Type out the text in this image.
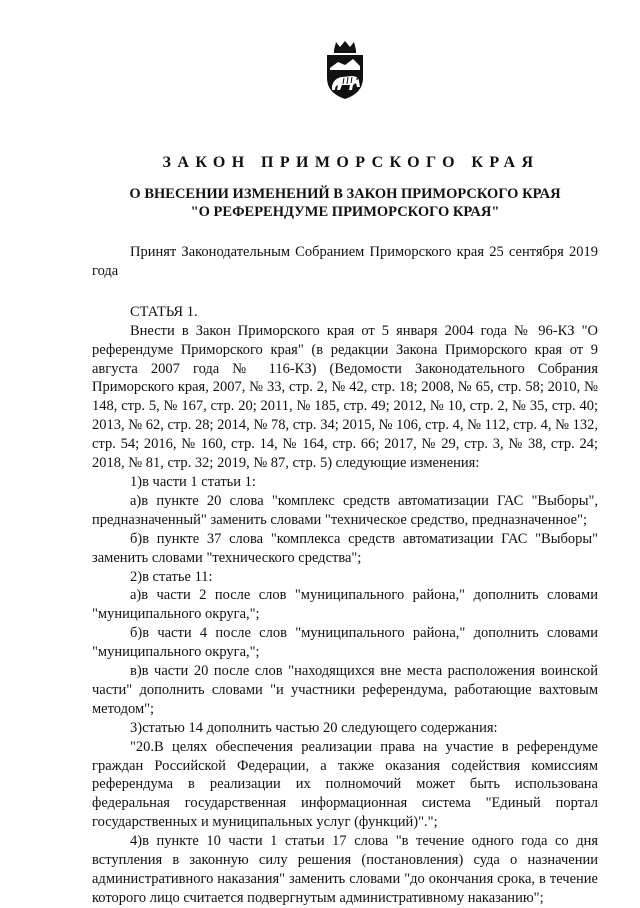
ЗАКОН ПРИМОРСКОГО КРАЯ
О ВНЕСЕНИИ ИЗМЕНЕНИЙ В ЗАКОН ПРИМОРСКОГО КРАЯ
"О РЕФЕРЕНДУМЕ ПРИМОРСКОГО КРАЯ"

Принят Законодательным Собранием Приморского края 25 сентября 2019 года

СТАТЬЯ 1.

Внести в Закон Приморского края от 5 января 2004 года № 96-КЗ "О референдуме Приморского края" (в редакции Закона Приморского края от 9 августа 2007 года № 116-КЗ) (Ведомости Законодательного Собрания Приморского края, 2007, № 33, стр. 2, № 42, стр. 18; 2008, № 65, стр. 58; 2010, № 148, стр. 5, № 167, стр. 20; 2011, № 185, стр. 49; 2012, № 10, стр. 2, № 35, стр. 40; 2013, № 62, стр. 28; 2014, № 78, стр. 34; 2015, № 106, стр. 4, № 112, стр. 4, № 132, стр. 54; 2016, № 160, стр. 14, № 164, стр. 66; 2017, № 29, стр. 3, № 38, стр. 24; 2018, № 81, стр. 32; 2019, № 87, стр. 5) следующие изменения:

1)в части 1 статьи 1:

а)в пункте 20 слова "комплекс средств автоматизации ГАС "Выборы", предназначенный" заменить словами "техническое средство, предназначенное";

б)в пункте 37 слова "комплекса средств автоматизации ГАС "Выборы" заменить словами "технического средства";

2)в статье 11:

а)в части 2 после слов "муниципального района," дополнить словами "муниципального округа,";

б)в части 4 после слов "муниципального района," дополнить словами "муниципального округа,";

в)в части 20 после слов "находящихся вне места расположения воинской части" дополнить словами "и участники референдума, работающие вахтовым методом";

3)статью 14 дополнить частью 20 следующего содержания:

"20.В целях обеспечения реализации права на участие в референдуме граждан Российской Федерации, а также оказания содействия комиссиям референдума в реализации их полномочий может быть использована федеральная государственная информационная система "Единый портал государственных и муниципальных услуг (функций)".";

4)в пункте 10 части 1 статьи 17 слова "в течение одного года со дня вступления в законную силу решения (постановления) суда о назначении административного наказания" заменить словами "до окончания срока, в течение которого лицо считается подвергнутым административному наказанию";
